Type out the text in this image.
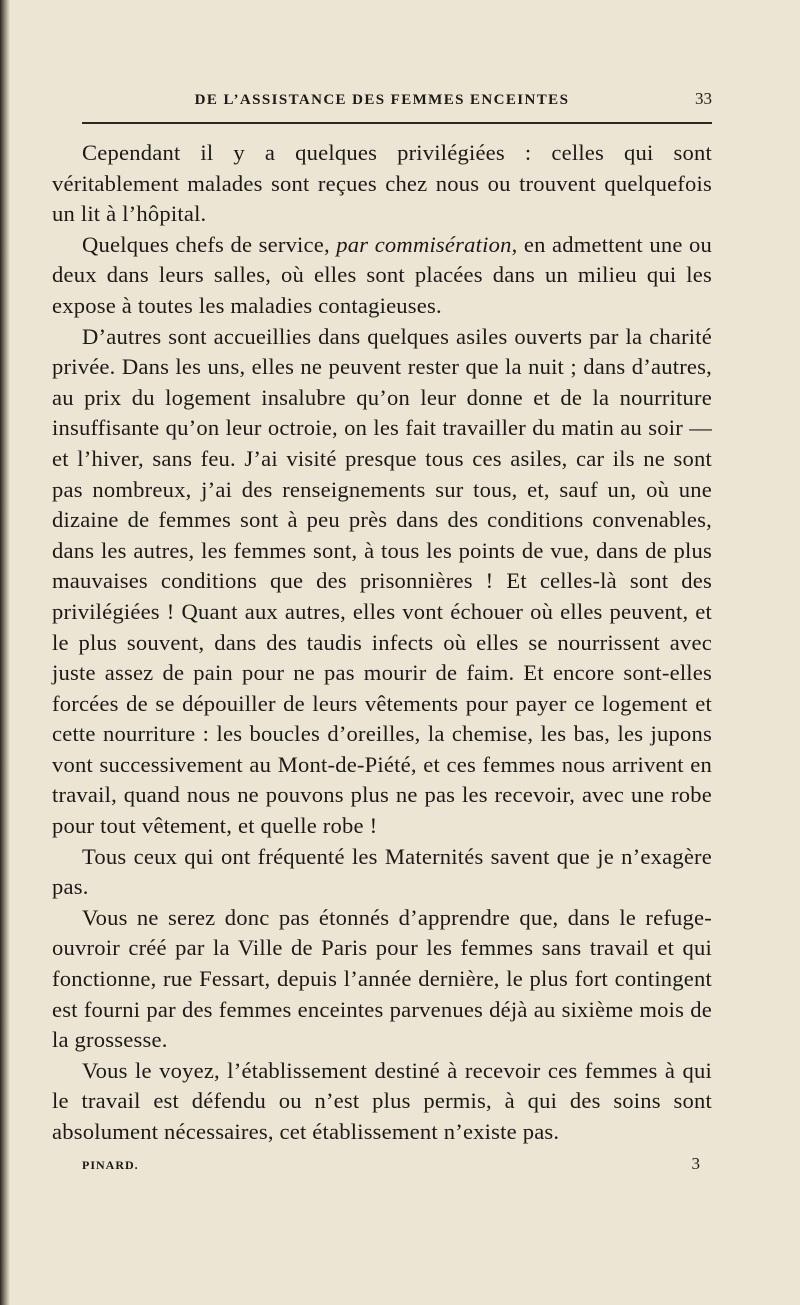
DE L’ASSISTANCE DES FEMMES ENCEINTES	33

Cependant il y a quelques privilégiées : celles qui sont véritablement malades sont reçues chez nous ou trouvent quelquefois un lit à l’hôpital.

Quelques chefs de service, par commisération, en admettent une ou deux dans leurs salles, où elles sont placées dans un milieu qui les expose à toutes les maladies contagieuses.

D’autres sont accueillies dans quelques asiles ouverts par la charité privée. Dans les uns, elles ne peuvent rester que la nuit ; dans d’autres, au prix du logement insalubre qu’on leur donne et de la nourriture insuffisante qu’on leur octroie, on les fait travailler du matin au soir — et l’hiver, sans feu. J’ai visité presque tous ces asiles, car ils ne sont pas nombreux, j’ai des renseignements sur tous, et, sauf un, où une dizaine de femmes sont à peu près dans des conditions convenables, dans les autres, les femmes sont, à tous les points de vue, dans de plus mauvaises conditions que des prisonnières ! Et celles-là sont des privilégiées ! Quant aux autres, elles vont échouer où elles peuvent, et le plus souvent, dans des taudis infects où elles se nourrissent avec juste assez de pain pour ne pas mourir de faim. Et encore sont-elles forcées de se dépouiller de leurs vêtements pour payer ce logement et cette nourriture : les boucles d’oreilles, la chemise, les bas, les jupons vont successivement au Mont-de-Piété, et ces femmes nous arrivent en travail, quand nous ne pouvons plus ne pas les recevoir, avec une robe pour tout vêtement, et quelle robe !

Tous ceux qui ont fréquenté les Maternités savent que je n’exagère pas.

Vous ne serez donc pas étonnés d’apprendre que, dans le refuge-ouvroir créé par la Ville de Paris pour les femmes sans travail et qui fonctionne, rue Fessart, depuis l’année dernière, le plus fort contingent est fourni par des femmes enceintes parvenues déjà au sixième mois de la grossesse.

Vous le voyez, l’établissement destiné à recevoir ces femmes à qui le travail est défendu ou n’est plus permis, à qui des soins sont absolument nécessaires, cet établissement n’existe pas.

PINARD.	3
